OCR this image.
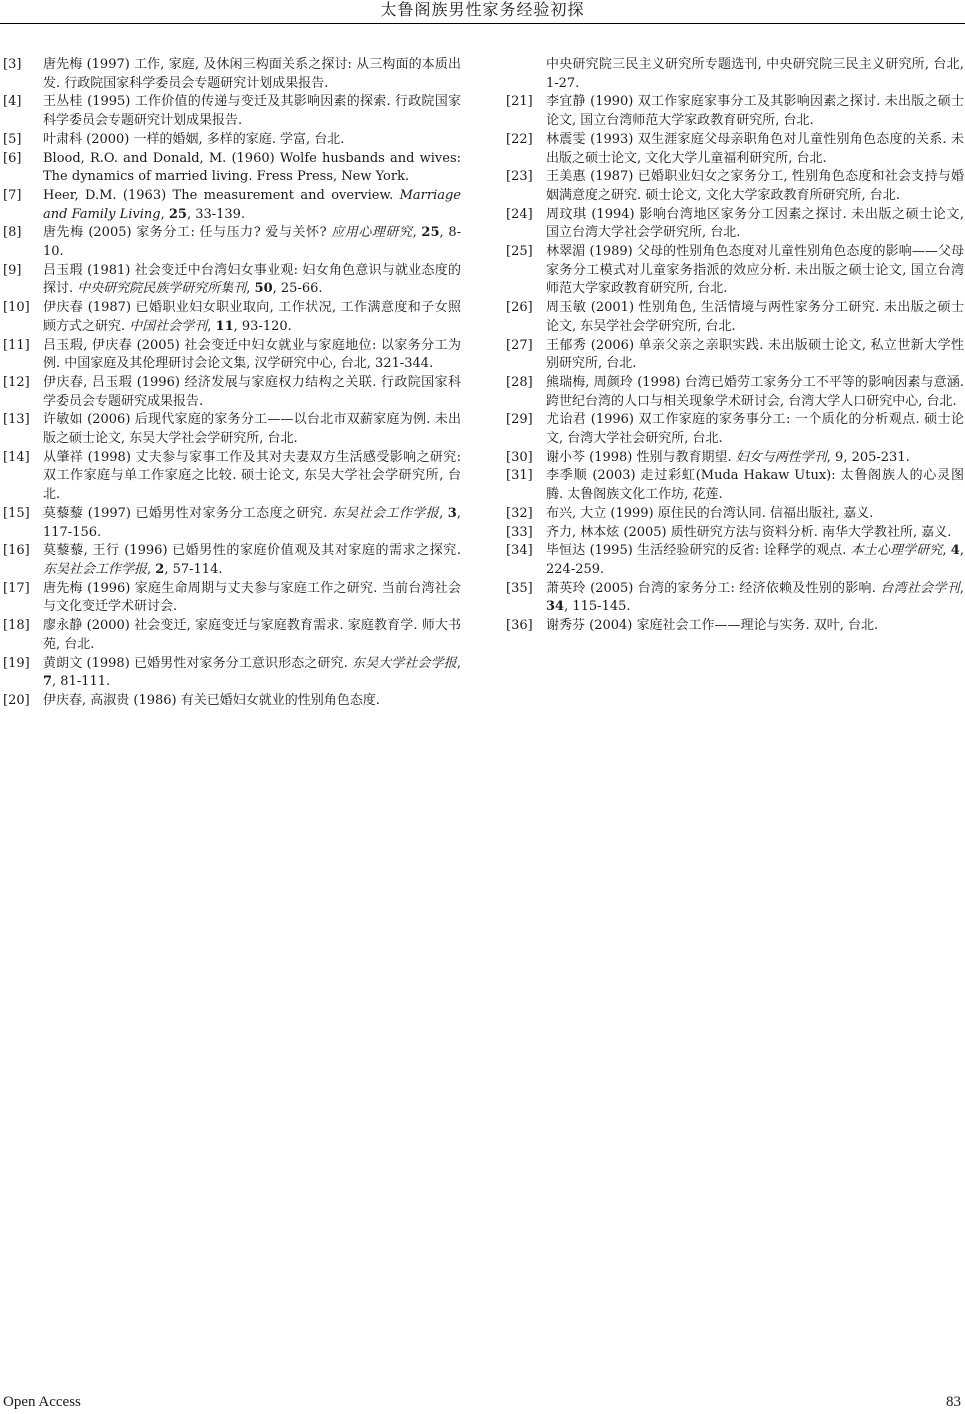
太鲁阁族男性家务经验初探
[3] 唐先梅 (1997) 工作, 家庭, 及休闲三构面关系之探讨: 从三构面的本质出发. 行政院国家科学委员会专题研究计划成果报告.
[4] 王丛桂 (1995) 工作价值的传递与变迁及其影响因素的探索. 行政院国家科学委员会专题研究计划成果报告.
[5] 叶肃科 (2000) 一样的婚姻, 多样的家庭. 学富, 台北.
[6] Blood, R.O. and Donald, M. (1960) Wolfe husbands and wives: The dynamics of married living. Fress Press, New York.
[7] Heer, D.M. (1963) The measurement and overview. Marriage and Family Living, 25, 33-139.
[8] 唐先梅 (2005) 家务分工: 任与压力? 爱与关怀? 应用心理研究, 25, 8-10.
[9] 吕玉瑕 (1981) 社会变迁中台湾妇女事业观: 妇女角色意识与就业态度的探讨. 中央研究院民族学研究所集刊, 50, 25-66.
[10] 伊庆春 (1987) 已婚职业妇女职业取向, 工作状况, 工作满意度和子女照顾方式之研究. 中国社会学刊, 11, 93-120.
[11] 吕玉瑕, 伊庆春 (2005) 社会变迁中妇女就业与家庭地位: 以家务分工为例. 中国家庭及其伦理研讨会论文集, 汉学研究中心, 台北, 321-344.
[12] 伊庆春, 吕玉瑕 (1996) 经济发展与家庭权力结构之关联. 行政院国家科学委员会专题研究成果报告.
[13] 许敏如 (2006) 后现代家庭的家务分工——以台北市双薪家庭为例. 未出版之硕士论文, 东吴大学社会学研究所, 台北.
[14] 从肇祥 (1998) 丈夫参与家事工作及其对夫妻双方生活感受影响之研究: 双工作家庭与单工作家庭之比较. 硕士论文, 东吴大学社会学研究所, 台北.
[15] 莫藜藜 (1997) 已婚男性对家务分工态度之研究. 东吴社会工作学报, 3, 117-156.
[16] 莫藜藜, 王行 (1996) 已婚男性的家庭价值观及其对家庭的需求之探究. 东吴社会工作学报, 2, 57-114.
[17] 唐先梅 (1996) 家庭生命周期与丈夫参与家庭工作之研究. 当前台湾社会与文化变迁学术研讨会.
[18] 廖永静 (2000) 社会变迁, 家庭变迁与家庭教育需求. 家庭教育学. 师大书苑, 台北.
[19] 黄朗文 (1998) 已婚男性对家务分工意识形态之研究. 东吴大学社会学报, 7, 81-111.
[20] 伊庆春, 高淑贵 (1986) 有关已婚妇女就业的性别角色态度.
中央研究院三民主义研究所专题选刊, 中央研究院三民主义研究所, 台北, 1-27.
[21] 李宜静 (1990) 双工作家庭家事分工及其影响因素之探讨. 未出版之硕士论文, 国立台湾师范大学家政教育研究所, 台北.
[22] 林震雯 (1993) 双生涯家庭父母亲职角色对儿童性别角色态度的关系. 未出版之硕士论文, 文化大学儿童福利研究所, 台北.
[23] 王美惠 (1987) 已婚职业妇女之家务分工, 性别角色态度和社会支持与婚姻满意度之研究. 硕士论文, 文化大学家政教育所研究所, 台北.
[24] 周玟琪 (1994) 影响台湾地区家务分工因素之探讨. 未出版之硕士论文, 国立台湾大学社会学研究所, 台北.
[25] 林翠湄 (1989) 父母的性别角色态度对儿童性别角色态度的影响——父母家务分工模式对儿童家务指派的效应分析. 未出版之硕士论文, 国立台湾师范大学家政教育研究所, 台北.
[26] 周玉敏 (2001) 性别角色, 生活情境与两性家务分工研究. 未出版之硕士论文, 东吴学社会学研究所, 台北.
[27] 王郁秀 (2006) 单亲父亲之亲职实践. 未出版硕士论文, 私立世新大学性别研究所, 台北.
[28] 熊瑞梅, 周颜玲 (1998) 台湾已婚劳工家务分工不平等的影响因素与意涵. 跨世纪台湾的人口与相关现象学术研讨会, 台湾大学人口研究中心, 台北.
[29] 尤诒君 (1996) 双工作家庭的家务事分工: 一个质化的分析观点. 硕士论文, 台湾大学社会研究所, 台北.
[30] 谢小芩 (1998) 性别与教育期望. 妇女与两性学刊, 9, 205-231.
[31] 李季顺 (2003) 走过彩虹(Muda Hakaw Utux): 太鲁阁族人的心灵图腾. 太鲁阁族文化工作坊, 花莲.
[32] 布兴, 大立 (1999) 原住民的台湾认同. 信福出版社, 嘉义.
[33] 齐力, 林本炫 (2005) 质性研究方法与资料分析. 南华大学教社所, 嘉义.
[34] 毕恒达 (1995) 生活经验研究的反省: 诠释学的观点. 本土心理学研究, 4, 224-259.
[35] 萧英玲 (2005) 台湾的家务分工: 经济依赖及性别的影响. 台湾社会学刊, 34, 115-145.
[36] 谢秀芬 (2004) 家庭社会工作——理论与实务. 双叶, 台北.
Open Access	83
